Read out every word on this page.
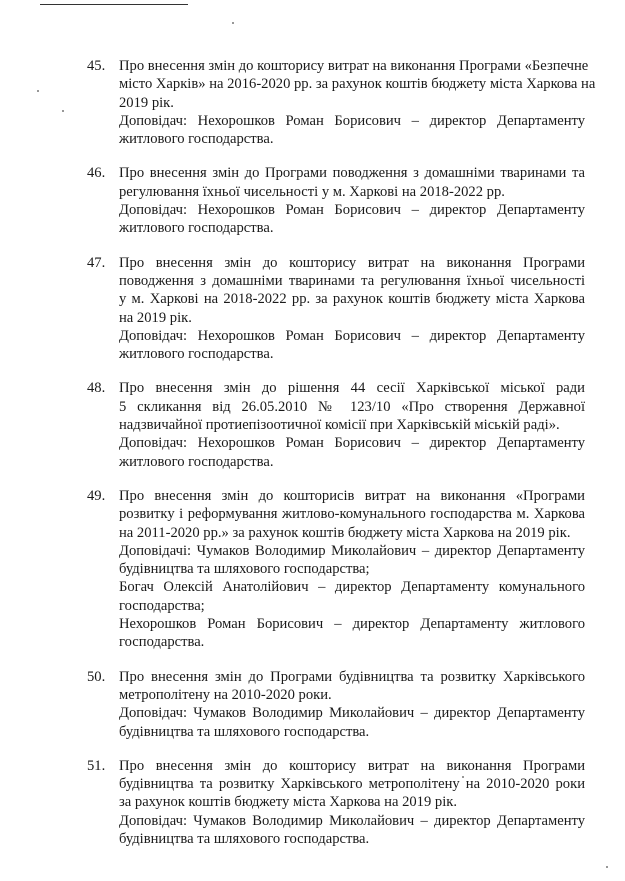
45. Про внесення змін до кошторису витрат на виконання Програми «Безпечне
місто Харків» на 2016-2020 рр. за рахунок коштів бюджету міста Харкова на
2019 рік.
Доповідач: Нехорошков Роман Борисович – директор Департаменту
житлового господарства.
46. Про внесення змін до Програми поводження з домашніми тваринами та
регулювання їхньої чисельності у м. Харкові на 2018-2022 рр.
Доповідач: Нехорошков Роман Борисович – директор Департаменту
житлового господарства.
47. Про внесення змін до кошторису витрат на виконання Програми
поводження з домашніми тваринами та регулювання їхньої чисельності
у м. Харкові на 2018-2022 рр. за рахунок коштів бюджету міста Харкова
на 2019 рік.
Доповідач: Нехорошков Роман Борисович – директор Департаменту
житлового господарства.
48. Про внесення змін до рішення 44 сесії Харківської міської ради
5 скликання від 26.05.2010 № 123/10 «Про створення Державної
надзвичайної протиепізоотичної комісії при Харківській міській раді».
Доповідач: Нехорошков Роман Борисович – директор Департаменту
житлового господарства.
49. Про внесення змін до кошторисів витрат на виконання «Програми
розвитку і реформування житлово-комунального господарства м. Харкова
на 2011-2020 рр.» за рахунок коштів бюджету міста Харкова на 2019 рік.
Доповідачі: Чумаков Володимир Миколайович – директор Департаменту
будівництва та шляхового господарства;
Богач Олексій Анатолійович – директор Департаменту комунального
господарства;
Нехорошков Роман Борисович – директор Департаменту житлового
господарства.
50. Про внесення змін до Програми будівництва та розвитку Харківського
метрополітену на 2010-2020 роки.
Доповідач: Чумаков Володимир Миколайович – директор Департаменту
будівництва та шляхового господарства.
51. Про внесення змін до кошторису витрат на виконання Програми
будівництва та розвитку Харківського метрополітену на 2010-2020 роки
за рахунок коштів бюджету міста Харкова на 2019 рік.
Доповідач: Чумаков Володимир Миколайович – директор Департаменту
будівництва та шляхового господарства.
